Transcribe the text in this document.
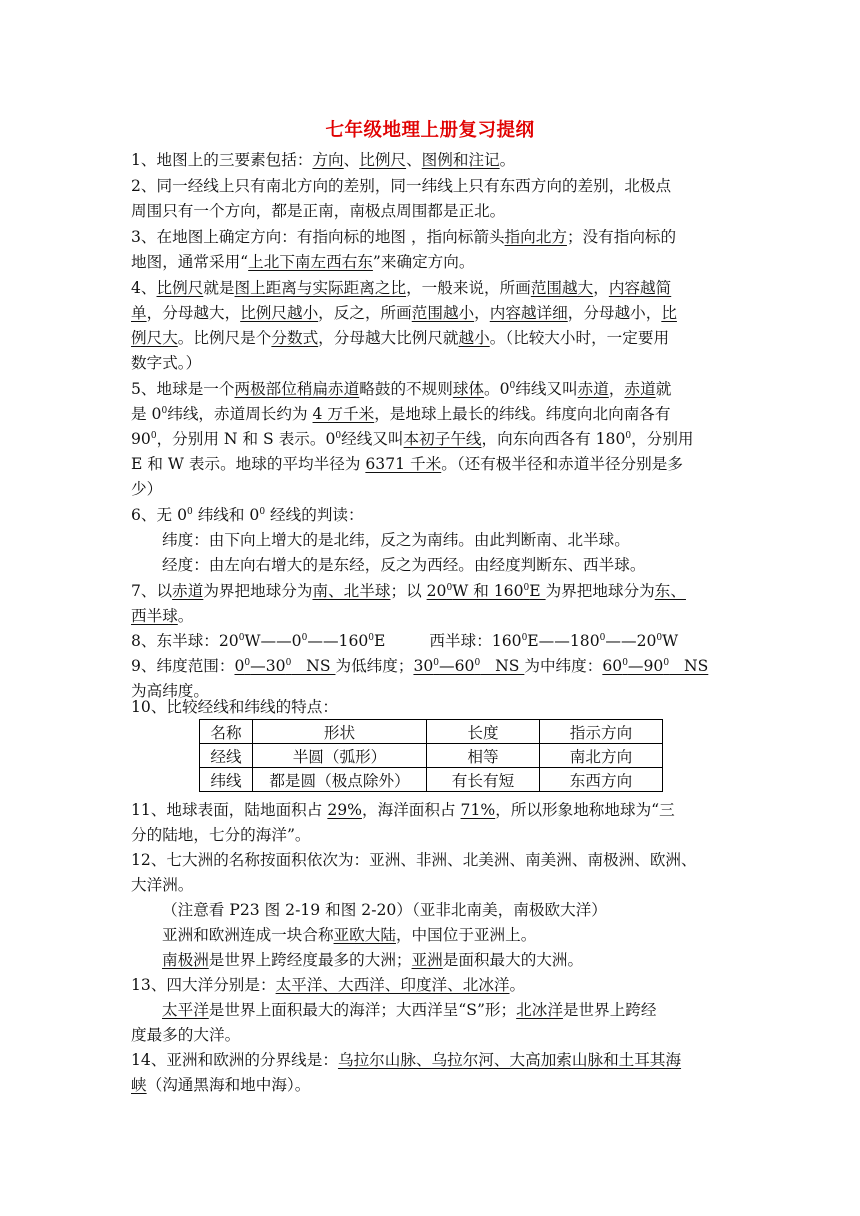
七年级地理上册复习提纲
1、地图上的三要素包括：方向、比例尺、图例和注记。
2、同一经线上只有南北方向的差别，同一纬线上只有东西方向的差别，北极点
周围只有一个方向，都是正南，南极点周围都是正北。
3、在地图上确定方向：有指向标的地图 ，指向标箭头指向北方；没有指向标的
地图，通常采用“上北下南左西右东”来确定方向。
4、比例尺就是图上距离与实际距离之比，一般来说，所画范围越大，内容越简
单，分母越大，比例尺越小，反之，所画范围越小，内容越详细，分母越小，比
例尺大。比例尺是个分数式，分母越大比例尺就越小。（比较大小时，一定要用
数字式。）
5、地球是一个两极部位稍扁赤道略鼓的不规则球体。$0^0$纬线又叫赤道，赤道就
是 $0^0$纬线，赤道周长约为 4 万千米，是地球上最长的纬线。纬度向北向南各有
$90^0$，分别用 N 和 S 表示。$0^0$经线又叫本初子午线，向东向西各有 $180^0$，分别用
E 和 W 表示。地球的平均半径为 6371 千米。（还有极半径和赤道半径分别是多
少）
6、无 $0^0$ 纬线和 $0^0$ 经线的判读：
纬度：由下向上增大的是北纬，反之为南纬。由此判断南、北半球。
经度：由左向右增大的是东经，反之为西经。由经度判断东、西半球。
7、以赤道为界把地球分为南、北半球；以 $20^0W$ 和 $160^0E$ 为界把地球分为东、
西半球。
8、东半球：$20^0W——0^0——160^0E$	西半球：$160^0E——180^0——20^0W$
9、纬度范围：$0^0—30^0$   NS 为低纬度；$30^0—60^0$   NS 为中纬度：$60^0—90^0$   NS
为高纬度。
10、比较经线和纬线的特点：
名称	形状	长度	指示方向
经线	半圆（弧形）	相等	南北方向
纬线	都是圆（极点除外）	有长有短	东西方向
11、地球表面，陆地面积占 29%，海洋面积占 71%，所以形象地称地球为“三
分的陆地，七分的海洋”。
12、七大洲的名称按面积依次为：亚洲、非洲、北美洲、南美洲、南极洲、欧洲、
大洋洲。
（注意看 P23 图 2-19 和图 2-20）（亚非北南美，南极欧大洋）
亚洲和欧洲连成一块合称亚欧大陆，中国位于亚洲上。
南极洲是世界上跨经度最多的大洲；亚洲是面积最大的大洲。
13、四大洋分别是：太平洋、大西洋、印度洋、北冰洋。
太平洋是世界上面积最大的海洋；大西洋呈“S”形；北冰洋是世界上跨经
度最多的大洋。
14、亚洲和欧洲的分界线是：乌拉尔山脉、乌拉尔河、大高加索山脉和土耳其海
峡（沟通黑海和地中海）。
